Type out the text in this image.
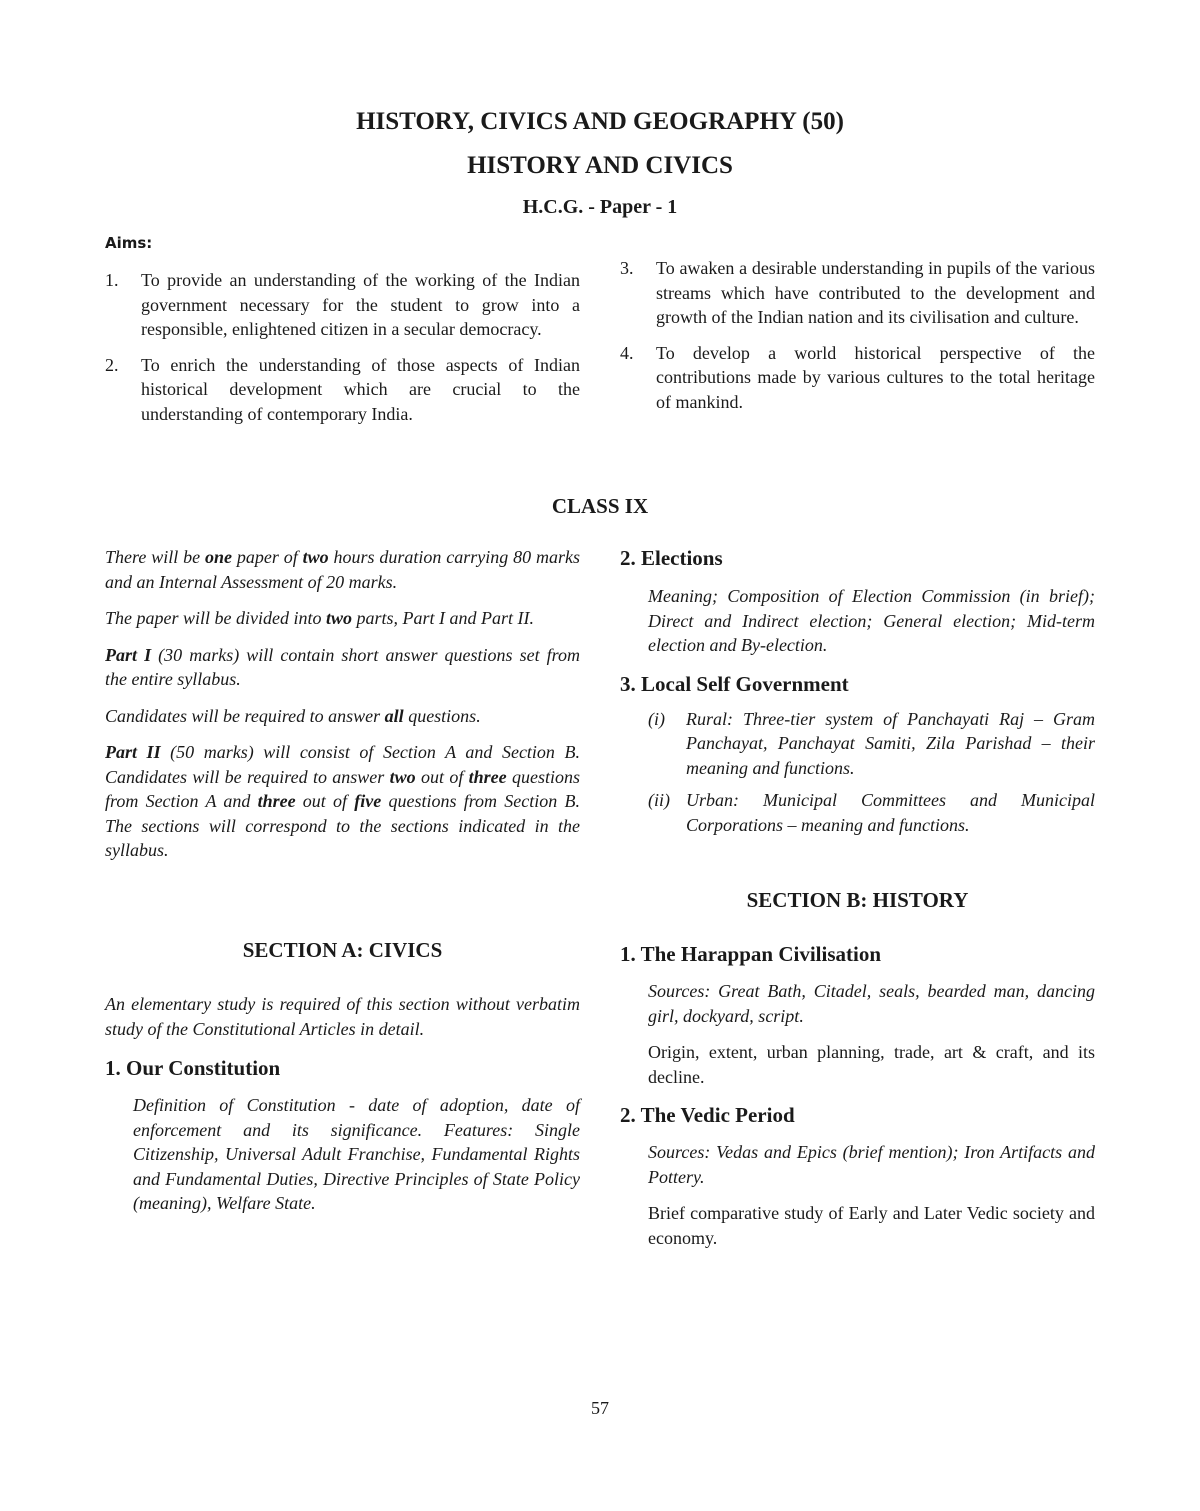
HISTORY, CIVICS AND GEOGRAPHY (50)
HISTORY AND CIVICS
H.C.G. - Paper - 1
Aims:
1.	To provide an understanding of the working of the Indian government necessary for the student to grow into a responsible, enlightened citizen in a secular democracy.
2.	To enrich the understanding of those aspects of Indian historical development which are crucial to the understanding of contemporary India.
3.	To awaken a desirable understanding in pupils of the various streams which have contributed to the development and growth of the Indian nation and its civilisation and culture.
4.	To develop a world historical perspective of the contributions made by various cultures to the total heritage of mankind.
CLASS IX

There will be one paper of two hours duration carrying 80 marks and an Internal Assessment of 20 marks.

The paper will be divided into two parts, Part I and Part II.

Part I (30 marks) will contain short answer questions set from the entire syllabus.

Candidates will be required to answer all questions.

Part II (50 marks) will consist of Section A and Section B. Candidates will be required to answer two out of three questions from Section A and three out of five questions from Section B. The sections will correspond to the sections indicated in the syllabus.

SECTION A: CIVICS

An elementary study is required of this section without verbatim study of the Constitutional Articles in detail.

1. Our Constitution
Definition of Constitution - date of adoption, date of enforcement and its significance. Features: Single Citizenship, Universal Adult Franchise, Fundamental Rights and Fundamental Duties, Directive Principles of State Policy (meaning), Welfare State.
2. Elections
Meaning; Composition of Election Commission (in brief); Direct and Indirect election; General election; Mid-term election and By-election.
3. Local Self Government
(i)	Rural: Three-tier system of Panchayati Raj – Gram Panchayat, Panchayat Samiti, Zila Parishad – their meaning and functions.
(ii) Urban: Municipal Committees and Municipal Corporations – meaning and functions.
SECTION B: HISTORY
1. The Harappan Civilisation
Sources: Great Bath, Citadel, seals, bearded man, dancing girl, dockyard, script.
Origin, extent, urban planning, trade, art & craft, and its decline.
2. The Vedic Period
Sources: Vedas and Epics (brief mention); Iron Artifacts and Pottery.
Brief comparative study of Early and Later Vedic society and economy.
57
